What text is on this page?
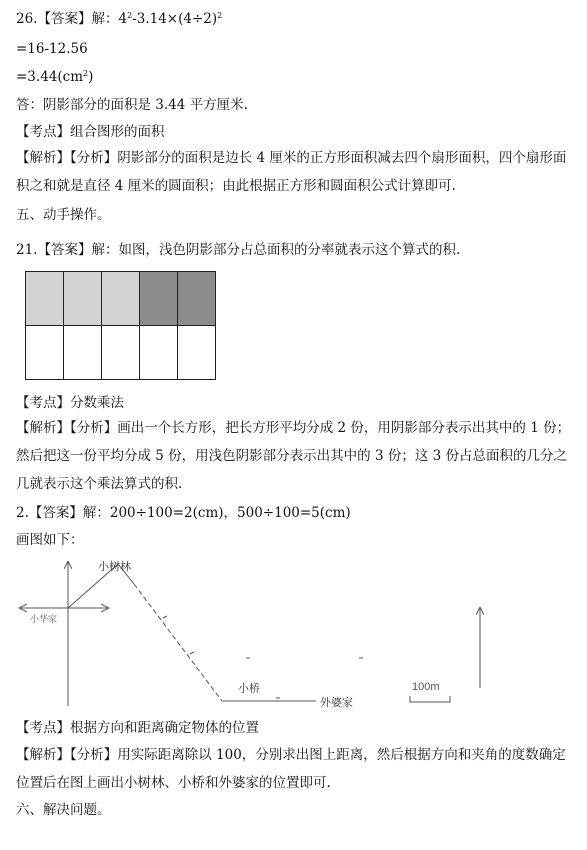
26.【答案】解：$4^2-3.14\times(4\div 2)^2$
=16-12.56
$=3.44(cm^2)$
答：阴影部分的面积是 3.44 平方厘米.
【考点】组合图形的面积
【解析】【分析】阴影部分的面积是边长 4 厘米的正方形面积减去四个扇形面积，四个扇形面积之和就是直径 4 厘米的圆面积；由此根据正方形和圆面积公式计算即可.
五、动手操作。
21.【答案】解：如图，浅色阴影部分占总面积的分率就表示这个算式的积.

【考点】分数乘法
【解析】【分析】画出一个长方形，把长方形平均分成 2 份，用阴影部分表示出其中的 1 份；然后把这一份平均分成 5 份，用浅色阴影部分表示出其中的 3 份；这 3 份占总面积的几分之几就表示这个乘法算式的积.
2.【答案】解：200÷100=2(cm)，500÷100=5(cm)
画图如下：
小树林
小华家
小桥
外婆家
100m
【考点】根据方向和距离确定物体的位置
【解析】【分析】用实际距离除以 100，分别求出图上距离，然后根据方向和夹角的度数确定位置后在图上画出小树林、小桥和外婆家的位置即可.
六、解决问题。
